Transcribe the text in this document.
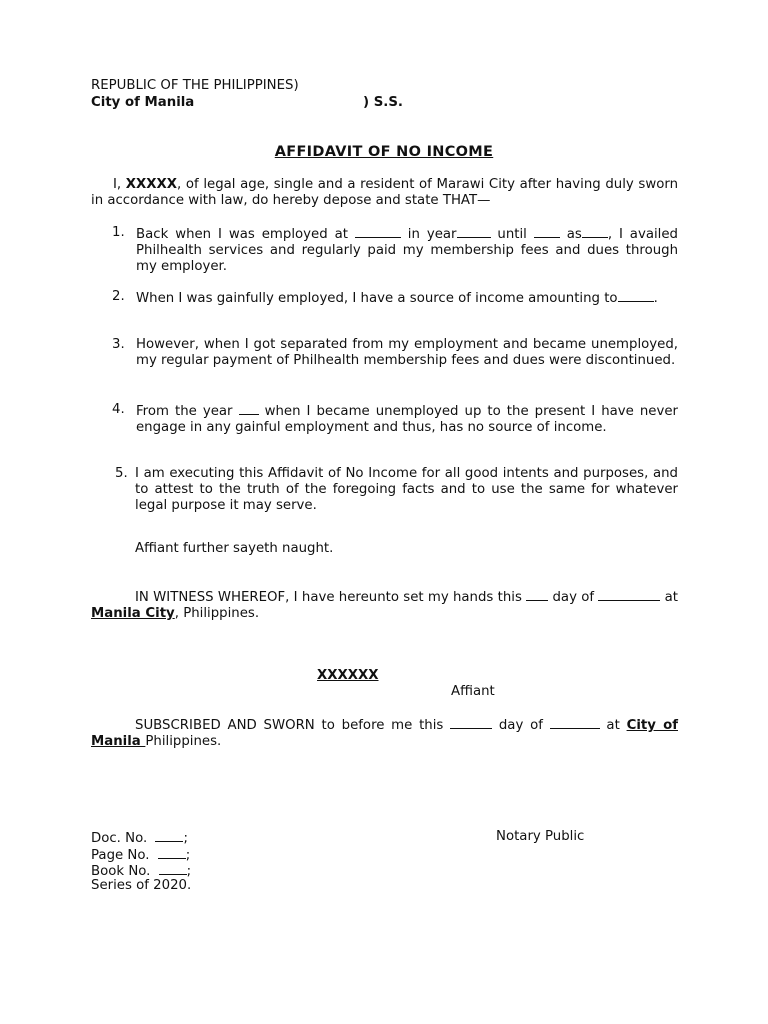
REPUBLIC OF THE PHILIPPINES)
City of Manila	) S.S.
AFFIDAVIT OF NO INCOME
I, XXXXX, of legal age, single and a resident of Marawi City after having duly sworn in accordance with law, do hereby depose and state THAT—
1. Back when I was employed at	in year	until  as , I availed Philhealth services and regularly paid my membership fees and dues through my employer.
2. When I was gainfully employed, I have a source of income amounting to	.
3. However, when I got separated from my employment and became unemployed, my regular payment of Philhealth membership fees and dues were discontinued.
4. From the year  when I became unemployed up to the present I have never engage in any gainful employment and thus, has no source of income.
5. I am executing this Affidavit of No Income for all good intents and purposes, and to attest to the truth of the foregoing facts and to use the same for whatever legal purpose it may serve.
Affiant further sayeth naught.
IN WITNESS WHEREOF, I have hereunto set my hands this  day of	at Manila City, Philippines.
XXXXXX
Affiant
SUBSCRIBED AND SWORN to before me this	day of	at City of Manila Philippines.
Doc. No.	;	Notary Public
Page No.	;
Book No.	;
Series of 2020.
